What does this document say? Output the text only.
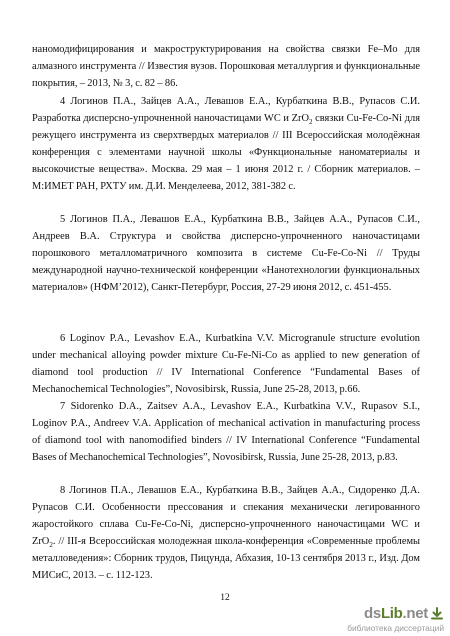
наномодифицирования и макроструктурирования на свойства связки Fe–Mo для алмазного инструмента // Известия вузов. Порошковая металлургия и функциональные покрытия, – 2013, № 3, с. 82 – 86.

4 Логинов П.А., Зайцев А.А., Левашов Е.А., Курбаткина В.В., Рупасов С.И. Разработка дисперсно-упрочненной наночастицами WC и ZrO$_2$ связки Cu-Fe-Co-Ni для режущего инструмента из сверхтвердых материалов // III Всероссийская молодёжная конференция с элементами научной школы «Функциональные наноматериалы и высокочистые вещества». Москва. 29 мая – 1 июня 2012 г. / Сборник материалов. – М:ИМЕТ РАН, РХТУ им. Д.И. Менделеева, 2012, 381-382 с.

5 Логинов П.А., Левашов Е.А., Курбаткина В.В., Зайцев А.А., Рупасов С.И., Андреев В.А. Структура и свойства дисперсно-упрочненного наночастицами порошкового металломатричного композита в системе Cu-Fe-Co-Ni // Труды международной научно-технической конференции «Нанотехнологии функциональных материалов» (НФМ’2012), Санкт-Петербург, Россия, 27-29 июня 2012, с. 451-455.

6 Loginov P.A., Levashov E.A., Kurbatkina V.V. Microgranule structure evolution under mechanical alloying powder mixture Cu-Fe-Ni-Co as applied to new generation of diamond tool production // IV International Conference “Fundamental Bases of Mechanochemical Technologies”, Novosibirsk, Russia, June 25-28, 2013, p.66.

7 Sidorenko D.A., Zaitsev A.A., Levashov E.A., Kurbatkina V.V., Rupasov S.I., Loginov P.A., Andreev V.A. Application of mechanical activation in manufacturing process of diamond tool with nanomodified binders // IV International Conference “Fundamental Bases of Mechanochemical Technologies”, Novosibirsk, Russia, June 25-28, 2013, p.83.

8 Логинов П.А., Левашов Е.А., Курбаткина В.В., Зайцев А.А., Сидоренко Д.А. Рупасов С.И. Особенности прессования и спекания механически легированного жаростойкого сплава Cu-Fe-Co-Ni, дисперсно-упрочненного наночастицами WC и ZrO$_2$. // III-я Всероссийская молодежная школа-конференция «Современные проблемы металловедения»: Сборник трудов, Пицунда, Абхазия, 10-13 сентября 2013 г., Изд. Дом МИСиС, 2013. – с. 112-123.

12
dsLib.net
библиотека диссертаций
